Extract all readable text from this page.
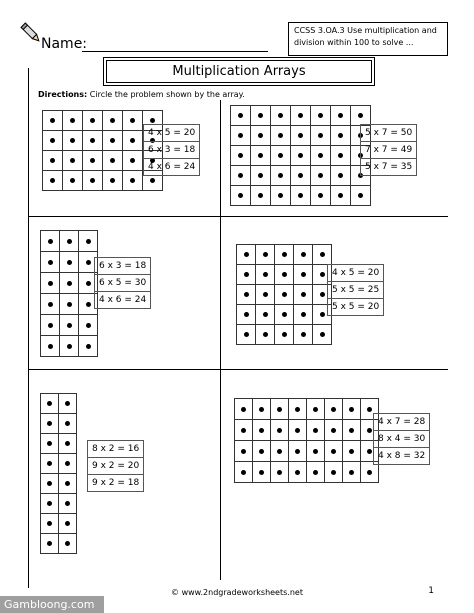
Name:
CCSS 3.OA.3 Use multiplication and
division within 100 to solve ...
Multiplication Arrays
Directions: Circle the problem shown by the array.

4 x 5 = 20
6 x 3 = 18
4 x 6 = 24

5 x 7 = 50
7 x 7 = 49
5 x 7 = 35

6 x 3 = 18
6 x 5 = 30
4 x 6 = 24

4 x 5 = 20
5 x 5 = 25
5 x 5 = 20

8 x 2 = 16
9 x 2 = 20
9 x 2 = 18

4 x 7 = 28
8 x 4 = 30
4 x 8 = 32
© www.2ndgradeworksheets.net	1
Gambloong.com
